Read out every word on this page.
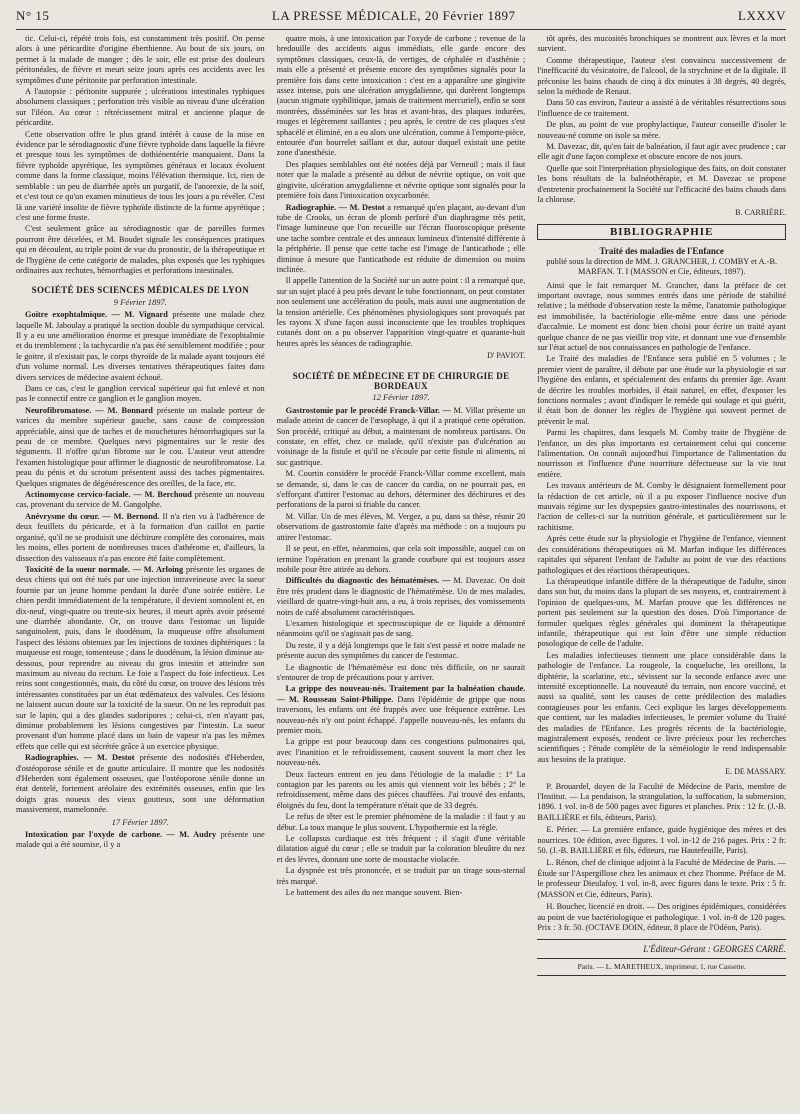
N° 15	LA PRESSE MÉDICALE, 20 Février 1897	LXXXV

tic. Celui-ci, répété trois fois, est constamment très positif. On pense alors à une péricardite d'origine éberthienne. Au bout de six jours, on permet à la malade de manger ; dès le soir, elle est prise des douleurs péritonéales, de fièvre et meurt seize jours après ces accidents avec les symptômes d'une péritonite par perforation intestinale.

A l'autopsie : péritonite suppurée ; ulcérations intestinales typhiques absolument classiques ; perforation très visible au niveau d'une ulcération sur l'iléon. Au cœur : rétrécissement mitral et ancienne plaque de péricardite.

Cette observation offre le plus grand intérêt à cause de la mise en évidence par le sérodiagnostic d'une fièvre typhoïde dans laquelle la fièvre et presque tous les symptômes de dothiénentérie manquaient. Dans la fièvre typhoïde apyrétique, les symptômes généraux et locaux évoluent comme dans la forme classique, moins l'élévation thermique. Ici, rien de semblable : un peu de diarrhée après un purgatif, de l'anorexie, de la soif, et c'est tout ce qu'un examen minutieux de tous les jours a pu révéler. C'est là une variété insolite de fièvre typhoïde distincte de la forme apyrétique ; c'est une forme fruste.

C'est seulement grâce au sérodiagnostic que de pareilles formes pourront être décelées, et M. Boudet signale les conséquences pratiques qui en découlent, au triple point de vue du pronostic, de la thérapeutique et de l'hygiène de cette catégorie de malades, plus exposés que les typhiques ordinaires aux rechutes, hémorrhagies et perforations intestinales.

SOCIÉTÉ DES SCIENCES MÉDICALES DE LYON
9 Février 1897.

Goitre exophtalmique. — M. Vignard présente une malade chez laquelle M. Jaboulay a pratiqué la section double du sympathique cervical. Il y a eu une amélioration énorme et presque immédiate de l'exophtalmie et du tremblement ; la tachycardie n'a pas été sensiblement modifiée ; pour le goitre, il n'existait pas, le corps thyroïde de la malade ayant toujours été d'un volume normal. Les diverses tentatives thérapeutiques faites dans divers services de médecine avaient échoué.

Dans ce cas, c'est le ganglion cervical supérieur qui fut enlevé et non pas le connectif entre ce ganglion et le ganglion moyen.

Neurofibromatose. — M. Bonnard présente un malade porteur de varices du membre supérieur gauche, sans cause de compression appréciable, ainsi que de taches et de mouchetures hémorrhagiques sur la peau de ce membre. Quelques nævi pigmentaires sur le reste des téguments. Il n'offre qu'un fibrome sur le cou. L'auteur veut attendre l'examen histologique pour affirmer le diagnostic de neurofibromatose. La peau du pénis et du scrotum présentent aussi des taches pigmentaires. Quelques stigmates de dégénérescence des oreilles, de la face, etc.

Actinomycose cervico-faciale. — M. Berchoud présente un nouveau cas, provenant du service de M. Gangolphe.

Anévrysme du cœur. — M. Bernond. Il n'a rien vu à l'adhérence de deux feuillets du péricarde, et à la formation d'un caillot en partie organisé, qu'il ne se produisit une déchirure complète des coronaires, mais les moins, elles portent de nombreuses traces d'athérome et, d'ailleurs, la dissection des vaisseaux n'a pas encore été faite complètement.

Toxicité de la sueur normale. — M. Arloing présente les organes de deux chiens qui ont été tués par une injection intraveineuse avec la sueur fournie par un jeune homme pendant la durée d'une soirée entière. Le chien perdit immédiatement de la température, il devient somnolent et, en dix-neuf, vingt-quatre ou trente-six heures, il meurt après avoir présenté une diarrhée abondante. Or, on trouve dans l'estomac un liquide sanguinolent, puis, dans le duodénum, la muqueuse offre absolument l'aspect des lésions obtenues par les injections de toxines diphtériques : la muqueuse est rouge, tomenteuse ; dans le duodénum, la lésion diminue au-dessous, pour reprendre au niveau du gros intestin et atteindre son maximum au niveau du rectum. Le foie a l'aspect du foie infectieux. Les reins sont congestionnés, mais, du côté du cœur, on trouve des lésions très intéressantes constituées par un état œdémateux des valvules. Ces lésions ne laissent aucun doute sur la toxicité de la sueur. On ne les reproduit pas sur le lapin, qui a des glandes sudoripores ; celui-ci, n'en n'ayant pas, diminue probablement les lésions congestives par l'intestin. La sueur provenant d'un homme placé dans un bain de vapeur n'a pas les mêmes effets que celle qui est sécrétée grâce à un exercice physique.

Radiographies. — M. Destot présente des nodosités d'Heberden, d'ostéoporose sénile et de goutte articulaire. Il montre que les nodosités d'Heberden sont également osseuses, que l'ostéoporose sénile donne un état dentelé, fortement aréolaire des extrémités osseuses, enfin que les doigts gras noueux des vieux goutteux, sont une déformation massivement, mamelonnée.

17 Février 1897.

Intoxication par l'oxyde de carbone. — M. Audry présente une malade qui a été soumise, il y a

quatre mois, à une intoxication par l'oxyde de carbone ; revenue de la bredouille des accidents aigus immédiats, elle garde encore des symptômes classiques, ceux-là, de vertiges, de céphalée et d'asthénie ; mais elle a présenté et présente encore des symptômes signalés pour la première fois dans cette intoxication : c'est en a apparaître une gingivite assez intense, puis une ulcération amygdalienne, qui durèrent longtemps (aucun stigmate syphilitique, jamais de traitement mercuriel), enfin se sont montrées, disséminées sur les bras et avant-bras, des plaques indurées, rouges et légèrement saillantes ; peu après, le centre de ces plaques s'est sphacélé et éliminé, en a eu alors une ulcération, comme à l'emporte-pièce, entourée d'un bourrelet saillant et dur, autour duquel existait une petite zone d'anesthésie.

Des plaques semblables ont été notées déjà par Verneuil ; mais il faut noter que la malade a présenté au début de névrite optique, on voit que gingivite, ulcération amygdalienne et névrite optique sont signalés pour la première fois dans l'intoxication oxycarbonée.

Radiographie. — M. Destot a remarqué qu'en plaçant, au-devant d'un tube de Crooks, un écran de plomb perforé d'un diaphragme très petit, l'image lumineuse que l'on recueille sur l'écran fluoroscopique présente une tache sombre centrale et des anneaux lumineux d'intensité différente à la périphérie. Il pense que cette tache est l'image de l'anticathode ; elle diminue à mesure que l'anticathode est réduite de dimension ou moins inclinée.

Il appelle l'attention de la Société sur un autre point : il a remarqué que, sur un sujet placé à peu près devant le tube fonctionnant, on peut constater non seulement une accélération du pouls, mais aussi une augmentation de la tension artérielle. Ces phénomènes physiologiques sont provoqués par les rayons X d'une façon aussi inconsciente que les troubles trophiques cutanés dont on a pu observer l'apparition vingt-quatre et quarante-huit heures après les séances de radiographie.

D' PAVIOT.
SOCIÉTÉ DE MÉDECINE ET DE CHIRURGIE DE BORDEAUX
12 Février 1897.

Gastrostomie par le procédé Franck-Villar. — M. Villar présente un malade atteint de cancer de l'œsophage, à qui il a pratiqué cette opération. Son procédé, critiqué au début, a maintenant de nombreux partisans. On constate, en effet, chez ce malade, qu'il n'existe pas d'ulcération au voisinage de la fistule et qu'il ne s'écoule par cette fistule ni aliments, ni suc gastrique.

M. Courtin considère le procédé Franck-Villar comme excellent, mais se demande, si, dans le cas de cancer du cardia, on ne pourrait pas, en s'efforçant d'attirer l'estomac au dehors, déterminer des déchirures et des perforations de la paroi si friable du cancer.

M. Villar. Un de mes élèves, M. Vergez, a pu, dans sa thèse, réunir 20 observations de gastrostomie faite d'après ma méthode : on a toujours pu attirer l'estomac.

Il se peut, en effet, néanmoins, que cela soit impossible, auquel cas on termine l'opération en prenant la grande courbure qui est toujours assez mobile pour être attirée au dehors.

Difficultés du diagnostic des hématémèses. — M. Davezac. On doit être très prudent dans le diagnostic de l'hématémèse. Un de mes malades, vieillard de quatre-vingt-huit ans, a eu, à trois reprises, des vomissements noirs de café absolument caractéristiques.

L'examen histologique et spectroscopique de ce liquide a démontré néanmoins qu'il ne s'agissait pas de sang.

Du reste, il y a déjà longtemps que le fait s'est passé et notre malade ne présente aucun des symptômes du cancer de l'estomac.

Le diagnostic de l'hématémèse est donc très difficile, on ne saurait s'entourer de trop de précautions pour y arriver.

La grippe des nouveau-nés. Traitement par la balnéation chaude. — M. Rousseau Saint-Philippe. Dans l'épidémie de grippe que nous traversons, les enfants ont été frappés avec une fréquence extrême. Les nouveau-nés n'y ont point échappé. J'appelle nouveau-nés, les enfants du premier mois.

La grippe est pour beaucoup dans ces congestions pulmonaires qui, avec l'inanition et le refroidissement, causent souvent la mort chez les nouveau-nés.

Deux facteurs entrent en jeu dans l'étiologie de la maladie : 1° La contagion par les parents ou les amis qui viennent voir les bébés ; 2° le refroidissement, même dans des pièces chauffées. J'ai trouvé des enfants, éloignés du feu, dont la température n'était que de 33 degrés.

Le refus de têter est le premier phénomène de la maladie : il faut y au débur. La toux manque le plus souvent. L'hypothermie est la règle.

Le collapsus cardiaque est très fréquent ; il s'agit d'une véritable dilatation aiguë du cœur ; elle se traduit par la coloration bleuâtre du nez et des lèvres, donnant une sorte de moustache violacée.

La dyspnée est très prononcée, et se traduit par un tirage sous-sternal très marqué.

Le battement des ailes du nez manque souvent. Bien-

tôt après, des mucosités bronchiques se montrent aux lèvres et la mort survient.

Comme thérapeutique, l'auteur s'est convaincu successivement de l'inefficacité du vésicatoire, de l'alcool, de la strychnine et de la digitale. Il préconise les bains chauds de cinq à dix minutes à 38 degrés, 40 degrés, selon la méthode de Renaut.

Dans 50 cas environ, l'auteur a assisté à de véritables résurrections sous l'influence de ce traitement.

De plus, au point de vue prophylactique, l'auteur conseille d'isoler le nouveau-né comme on isole sa mère.

M. Davezac, dit, qu'en fait de balnéation, il faut agir avec prudence ; car elle agit d'une façon complexe et obscure encore de nos jours.

Quelle que soit l'interprétation physiologique des faits, on doit constater les bons résultats de la balnéothérapie, et M. Davezac se propose d'entretenir prochainement la Société sur l'efficacité des bains chauds dans la chlorose.

B. CARRIÈRE.
BIBLIOGRAPHIE
Traité des maladies de l'Enfance
publié sous la direction de MM. J. GRANCHER, J. COMBY et A.-B. MARFAN. T. I (MASSON et Cie, éditeurs, 1897).

Ainsi que le fait remarquer M. Grancher, dans la préface de cet important ouvrage, nous sommes entrés dans une période de stabilité relative ; la méthode d'observation reste la même, l'anatomie pathologique est immobilisée, la bactériologie elle-même entre dans une période d'accalmie. Le moment est donc bien choisi pour écrire un traité ayant quelque chance de ne pas vieillir trop vite, et donnant une vue d'ensemble sur l'état actuel de nos connaissances en pathologie de l'enfance.

Le Traité des maladies de l'Enfance sera publié en 5 volumes ; le premier vient de paraître, il débute par une étude sur la physiologie et sur l'hygiène des enfants, et spécialement des enfants du premier âge. Avant de décrire les troubles morbides, il était naturel, en effet, d'exposer les fonctions normales ; avant d'indiquer le remède qui soulage et qui guérit, il était bon de donner les règles de l'hygiène qui souvent permet de prévenir le mal.

Parmi les chapitres, dans lesquels M. Comby traite de l'hygiène de l'enfance, un des plus importants est certainement celui qui concerne l'alimentation. On connaît aujourd'hui l'importance de l'alimentation du nourrisson et l'influence d'une nourriture défectueuse sur la vie tout entière.

Les travaux antérieurs de M. Comby le désignaient formellement pour la rédaction de cet article, où il a pu exposer l'influence nocive d'un mauvais régime sur les dyspepsies gastro-intestinales des nourrissons, et l'action de celles-ci sur la nutrition générale, et particulièrement sur le rachitisme.

Après cette étude sur la physiologie et l'hygiène de l'enfance, viennent des considérations thérapeutiques où M. Marfan indique les différences capitales qui séparent l'enfant de l'adulte au point de vue des réactions pathologiques et des réactions thérapeutiques.

La thérapeutique infantile diffère de la thérapeutique de l'adulte, sinon dans son but, du moins dans la plupart de ses moyens, et, contrairement à l'opinion de quelques-uns, M. Marfan prouve que les différences ne portent pas seulement sur la question des doses. D'où l'importance de formuler quelques règles générales qui dominent la thérapeutique infantile, thérapeutique qui est loin d'être une simple réduction posologique de celle de l'adulte.

Les maladies infectieuses tiennent une place considérable dans la pathologie de l'enfance. La rougeole, la coqueluche, les oreillons, la diphtérie, la scarlatine, etc., sévissent sur la seconde enfance avec une intensité exceptionnelle. La nouveauté du terrain, non encore vacciné, et aussi sa qualité, sont les causes de cette prédilection des maladies contagieuses pour les enfants. Ceci explique les larges développements que contient, sur les maladies infectieuses, le premier volume du Traité des maladies de l'Enfance. Les progrès récents de la bactériologie, magistralement exposés, rendent ce livre précieux pour les recherches scientifiques ; l'étude complète de la séméiologie le rend indispensable aux besoins de la pratique.

E. DE MASSARY.

P. Brouardel, doyen de la Faculté de Médecine de Paris, membre de l'Institut. — La pendaison, la strangulation, la suffocation, la submersion, 1896. 1 vol. in-8 de 500 pages avec figures et planches. Prix : 12 fr. (J.-B. BAILLIÈRE et fils, éditeurs, Paris).

E. Périer. — La première enfance, guide hygiénique des mères et des nourrices. 10e édition, avec figures. 1 vol. in-12 de 216 pages. Prix : 2 fr. 50. (J.-B. BAILLIÈRE et fils, éditeurs, rue Hautefeuille, Paris).

L. Rénon, chef de clinique adjoint à la Faculté de Médecine de Paris. — Étude sur l'Aspergillose chez les animaux et chez l'homme. Préface de M. le professeur Dieulafoy. 1 vol. in-8, avec figures dans le texte. Prix : 5 fr. (MASSON et Cie, éditeurs, Paris).

H. Boucher, licencié en droit. — Des origines épidémiques, considérées au point de vue bactériologique et pathologique. 1 vol. in-8 de 120 pages. Prix : 3 fr. 50. (OCTAVE DOIN, éditeur, 8 place de l'Odéon, Paris).

L'Éditeur-Gérant : GEORGES CARRÉ.
Paris. — L. MARETHEUX, imprimeur, 1, rue Cassette.
